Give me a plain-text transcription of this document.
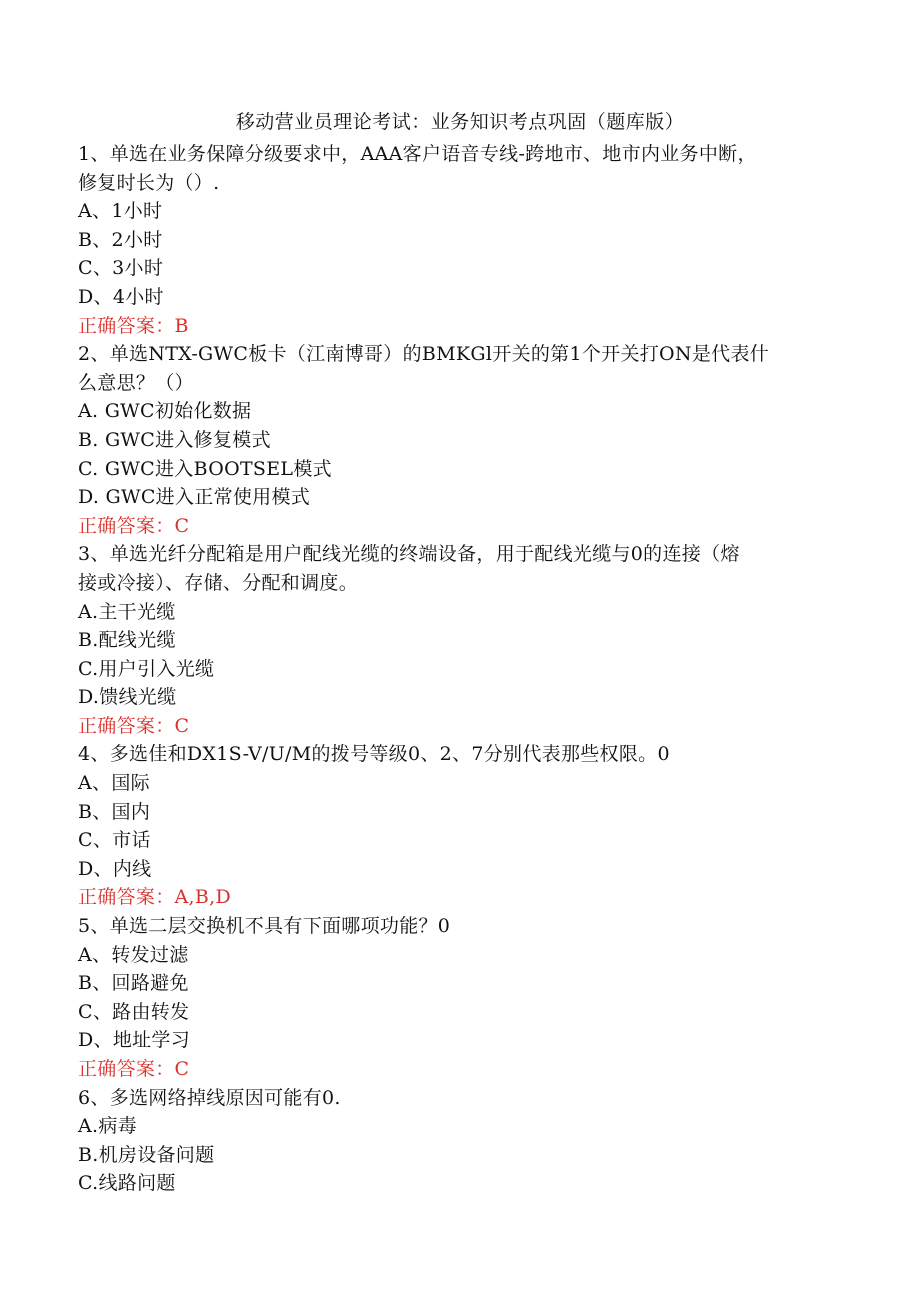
移动营业员理论考试：业务知识考点巩固（题库版）
1、单选在业务保障分级要求中，AAA客户语音专线-跨地市、地市内业务中断，
修复时长为（）.
A、1小时
B、2小时
C、3小时
D、4小时
正确答案：B
2、单选NTX-GWC板卡（江南博哥）的BMKGl开关的第1个开关打ON是代表什
么意思？（）
A. GWC初始化数据
B. GWC进入修复模式
C. GWC进入BOOTSEL模式
D. GWC进入正常使用模式
正确答案：C
3、单选光纤分配箱是用户配线光缆的终端设备，用于配线光缆与0的连接（熔
接或冷接）、存储、分配和调度。
A.主干光缆
B.配线光缆
C.用户引入光缆
D.馈线光缆
正确答案：C
4、多选佳和DX1S-V/U/M的拨号等级0、2、7分别代表那些权限。0
A、国际
B、国内
C、市话
D、内线
正确答案：A,B,D
5、单选二层交换机不具有下面哪项功能？0
A、转发过滤
B、回路避免
C、路由转发
D、地址学习
正确答案：C
6、多选网络掉线原因可能有0.
A.病毒
B.机房设备问题
C.线路问题
